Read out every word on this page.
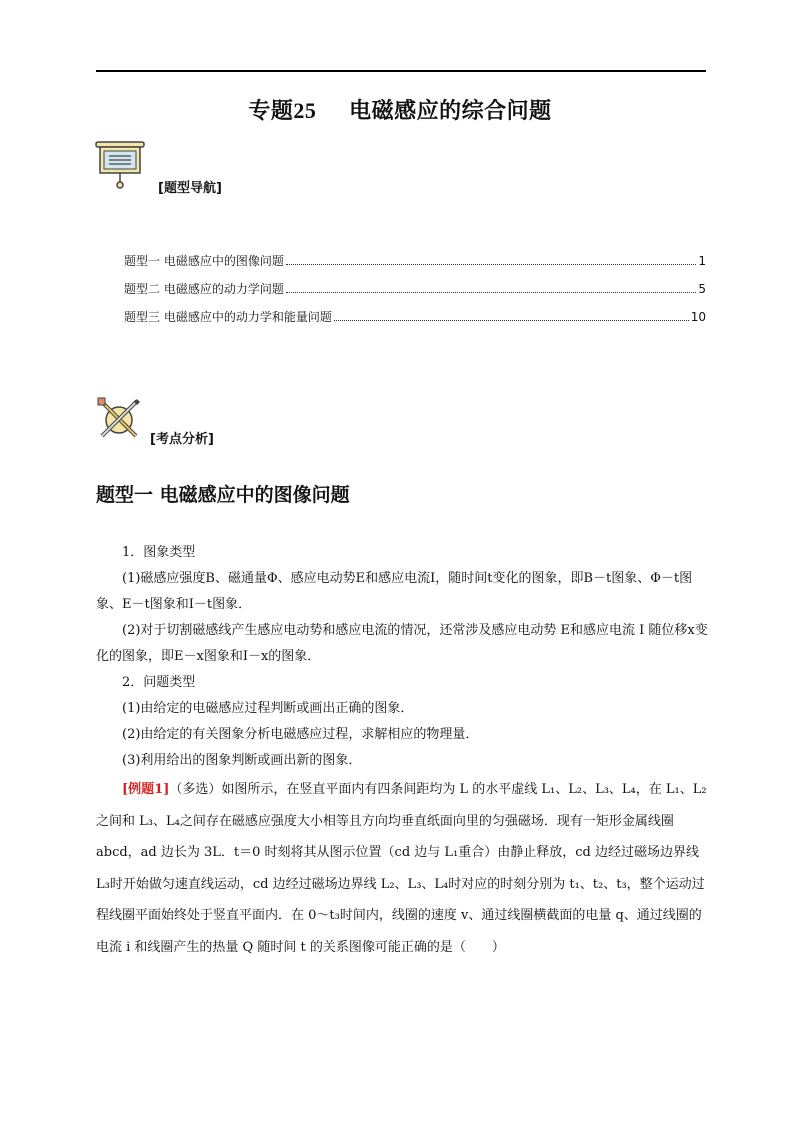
专题25 电磁感应的综合问题
[题型导航]
题型一 电磁感应中的图像问题	1
题型二 电磁感应的动力学问题	5
题型三 电磁感应中的动力学和能量问题	10
[考点分析]
题型一 电磁感应中的图像问题

1．图象类型

(1)磁感应强度B、磁通量Φ、感应电动势E和感应电流I，随时间t变化的图象，即B－t图象、Φ－t图象、E－t图象和I－t图象．

(2)对于切割磁感线产生感应电动势和感应电流的情况，还常涉及感应电动势 E和感应电流 I 随位移x变化的图象，即E－x图象和I－x的图象．

2．问题类型

(1)由给定的电磁感应过程判断或画出正确的图象．

(2)由给定的有关图象分析电磁感应过程，求解相应的物理量．

(3)利用给出的图象判断或画出新的图象．

[例题1]（多选）如图所示，在竖直平面内有四条间距均为 L 的水平虚线 L₁、L₂、L₃、L₄，在 L₁、L₂之间和 L₃、L₄之间存在磁感应强度大小相等且方向均垂直纸面向里的匀强磁场．现有一矩形金属线圈 abcd，ad 边长为 3L．t＝0 时刻将其从图示位置（cd 边与 L₁重合）由静止释放，cd 边经过磁场边界线 L₃时开始做匀速直线运动，cd 边经过磁场边界线 L₂、L₃、L₄时对应的时刻分别为 t₁、t₂、t₃，整个运动过程线圈平面始终处于竖直平面内．在 0～t₃时间内，线圈的速度 v、通过线圈横截面的电量 q、通过线圈的电流 i 和线圈产生的热量 Q 随时间 t 的关系图像可能正确的是（　　）
